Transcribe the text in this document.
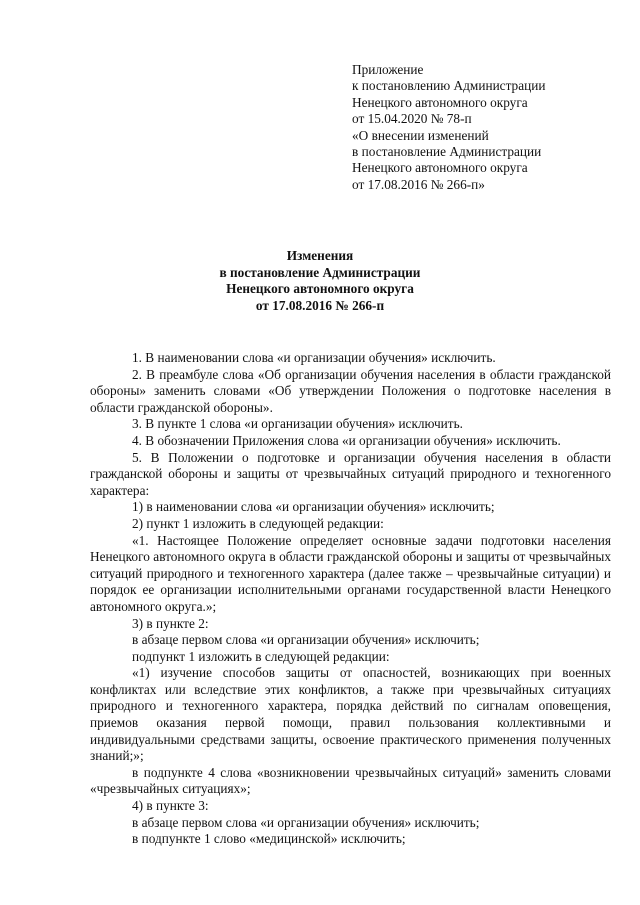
Приложение
к постановлению Администрации
Ненецкого автономного округа
от 15.04.2020 № 78-п
«О внесении изменений
в постановление Администрации
Ненецкого автономного округа
от 17.08.2016 № 266-п»
Изменения
в постановление Администрации
Ненецкого автономного округа
от 17.08.2016 № 266-п

1. В наименовании слова «и организации обучения» исключить.

2. В преамбуле слова «Об организации обучения населения в области гражданской обороны» заменить словами «Об утверждении Положения о подготовке населения в области гражданской обороны».

3. В пункте 1 слова «и организации обучения» исключить.

4. В обозначении Приложения слова «и организации обучения» исключить.

5. В Положении о подготовке и организации обучения населения в области гражданской обороны и защиты от чрезвычайных ситуаций природного и техногенного характера:

1) в наименовании слова «и организации обучения» исключить;

2) пункт 1 изложить в следующей редакции:

«1. Настоящее Положение определяет основные задачи подготовки населения Ненецкого автономного округа в области гражданской обороны и защиты от чрезвычайных ситуаций природного и техногенного характера (далее также – чрезвычайные ситуации) и порядок ее организации исполнительными органами государственной власти Ненецкого автономного округа.»;

3) в пункте 2:

в абзаце первом слова «и организации обучения» исключить;

подпункт 1 изложить в следующей редакции:

«1) изучение способов защиты от опасностей, возникающих при военных конфликтах или вследствие этих конфликтов, а также при чрезвычайных ситуациях природного и техногенного характера, порядка действий по сигналам оповещения, приемов оказания первой помощи, правил пользования коллективными и индивидуальными средствами защиты, освоение практического применения полученных знаний;»;

в подпункте 4 слова «возникновении чрезвычайных ситуаций» заменить словами «чрезвычайных ситуациях»;

4) в пункте 3:

в абзаце первом слова «и организации обучения» исключить;

в подпункте 1 слово «медицинской» исключить;
